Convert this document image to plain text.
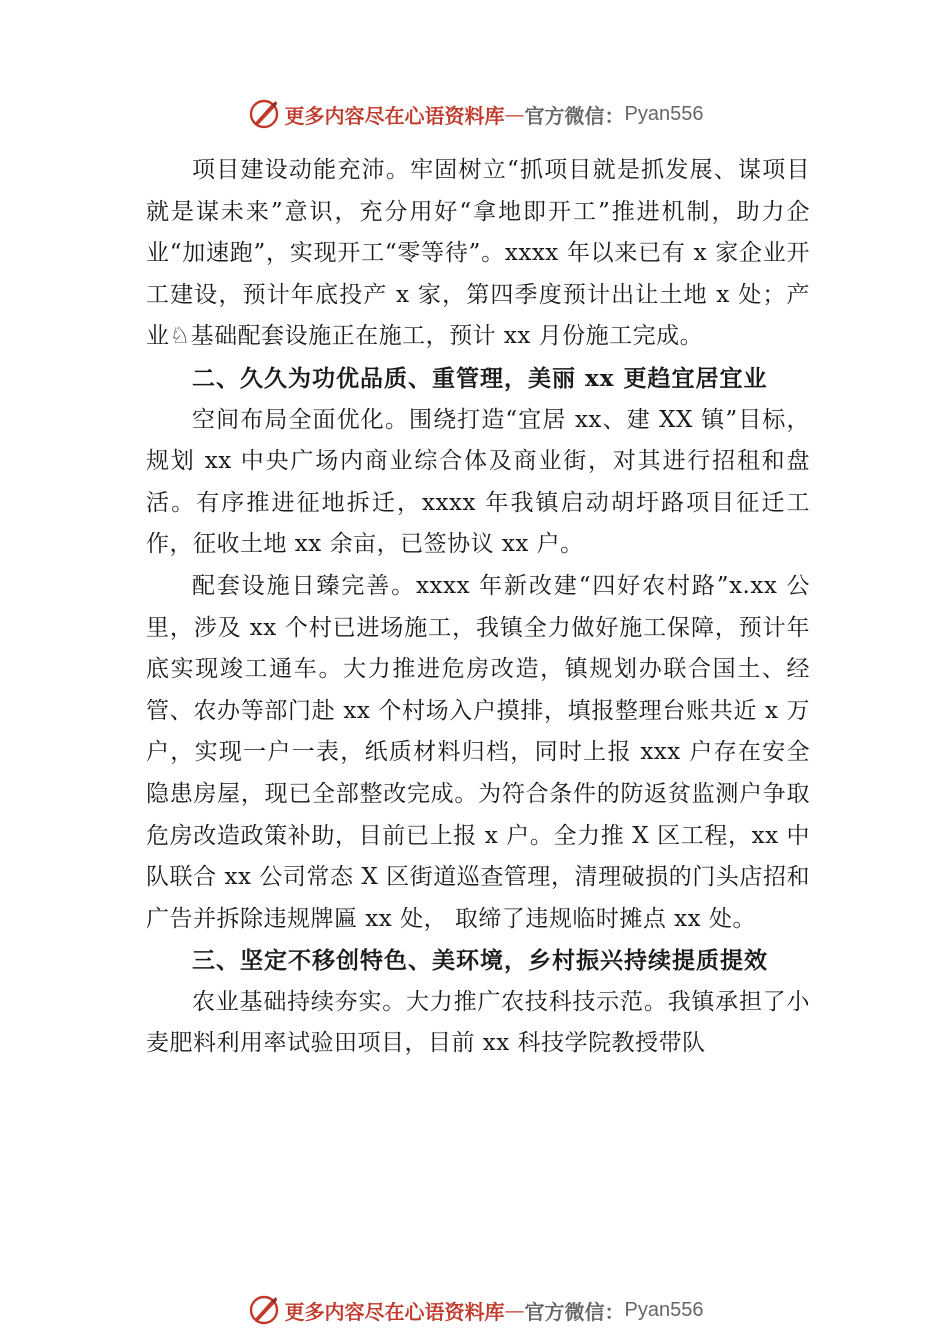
更多内容尽在心语资料库 — 官方微信： Pyan556

项目建设动能充沛。牢固树立“抓项目就是抓发展、谋项目就是谋未来”意识，充分用好“拿地即开工”推进机制，助力企业“加速跑”，实现开工“零等待”。xxxx 年以来已有 x 家企业开工建设，预计年底投产 x 家，第四季度预计出让土地 x 处；产业♘基础配套设施正在施工，预计 xx 月份施工完成。

二、久久为功优品质、重管理，美丽 xx 更趋宜居宜业

空间布局全面优化。围绕打造“宜居 xx、建 XX 镇”目标，规划 xx 中央广场内商业综合体及商业街，对其进行招租和盘活。有序推进征地拆迁，xxxx 年我镇启动胡圩路项目征迁工作，征收土地 xx 余亩，已签协议 xx 户。

配套设施日臻完善。xxxx 年新改建“四好农村路”x.xx 公里，涉及 xx 个村已进场施工，我镇全力做好施工保障，预计年底实现竣工通车。大力推进危房改造，镇规划办联合国土、经管、农办等部门赴 xx 个村场入户摸排，填报整理台账共近 x 万户，实现一户一表，纸质材料归档，同时上报 xxx 户存在安全隐患房屋，现已全部整改完成。为符合条件的防返贫监测户争取危房改造政策补助，目前已上报 x 户。全力推 X 区工程，xx 中队联合 xx 公司常态 X 区街道巡查管理，清理破损的门头店招和广告并拆除违规牌匾 xx 处， 取缔了违规临时摊点 xx 处。

三、坚定不移创特色、美环境，乡村振兴持续提质提效

农业基础持续夯实。大力推广农技科技示范。我镇承担了小麦肥料利用率试验田项目，目前 xx 科技学院教授带队

更多内容尽在心语资料库 — 官方微信： Pyan556
